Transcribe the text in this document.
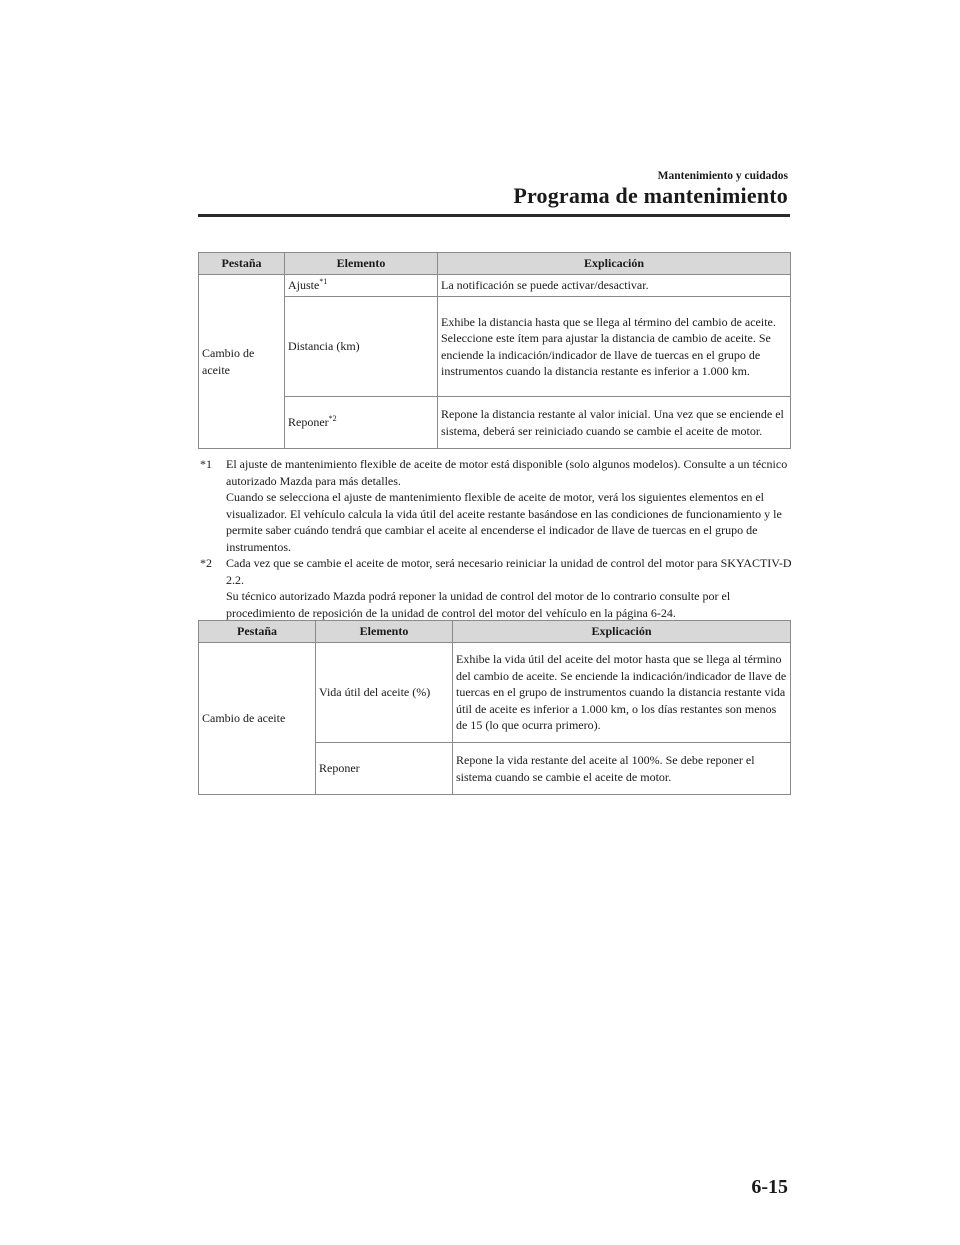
Mantenimiento y cuidados
Programa de mantenimiento
Pestaña	Elemento	Explicación
Cambio de aceite	Ajuste$^{*1}$	La notificación se puede activar/desactivar.
	Distancia (km)	Exhibe la distancia hasta que se llega al término del cambio de aceite. Seleccione este ítem para ajustar la distancia de cambio de aceite. Se enciende la indicación/indicador de llave de tuercas en el grupo de instrumentos cuando la distancia restante es inferior a 1.000 km.
	Reponer$^{*2}$	Repone la distancia restante al valor inicial. Una vez que se enciende el sistema, deberá ser reiniciado cuando se cambie el aceite de motor.
*1 El ajuste de mantenimiento flexible de aceite de motor está disponible (solo algunos modelos). Consulte a un técnico autorizado Mazda para más detalles.

Cuando se selecciona el ajuste de mantenimiento flexible de aceite de motor, verá los siguientes elementos en el visualizador. El vehículo calcula la vida útil del aceite restante basándose en las condiciones de funcionamiento y le permite saber cuándo tendrá que cambiar el aceite al encenderse el indicador de llave de tuercas en el grupo de instrumentos.

*2 Cada vez que se cambie el aceite de motor, será necesario reiniciar la unidad de control del motor para SKYACTIV-D 2.2.

Su técnico autorizado Mazda podrá reponer la unidad de control del motor de lo contrario consulte por el procedimiento de reposición de la unidad de control del motor del vehículo en la página 6-24.

Pestaña	Elemento	Explicación
Cambio de aceite	Vida útil del aceite (%)	Exhibe la vida útil del aceite del motor hasta que se llega al término del cambio de aceite. Se enciende la indicación/indicador de llave de tuercas en el grupo de instrumentos cuando la distancia restante vida útil de aceite es inferior a 1.000 km, o los días restantes son menos de 15 (lo que ocurra primero).
	Reponer	Repone la vida restante del aceite al 100%. Se debe reponer el sistema cuando se cambie el aceite de motor.
6-15
